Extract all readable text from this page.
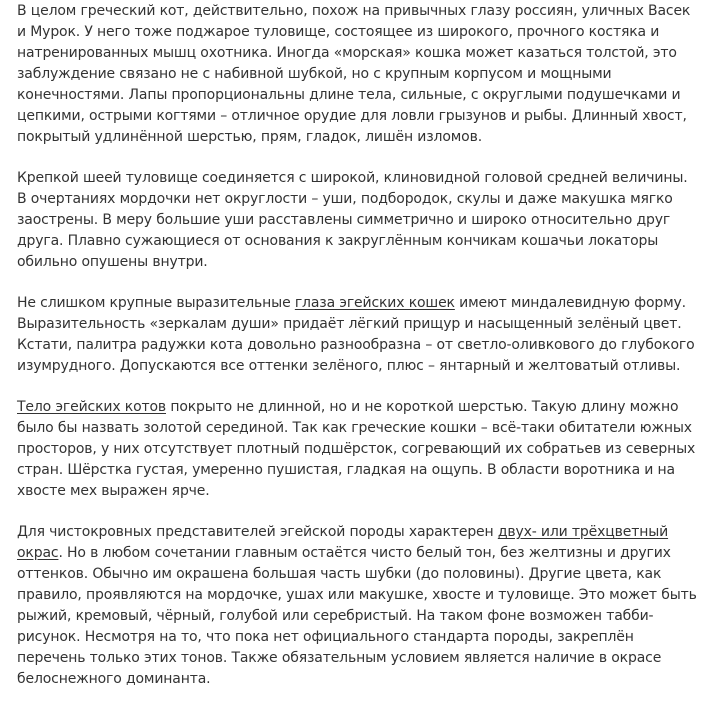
В целом греческий кот, действительно, похож на привычных глазу россиян, уличных Васек и Мурок. У него тоже поджарое туловище, состоящее из широкого, прочного костяка и натренированных мышц охотника. Иногда «морская» кошка может казаться толстой, это заблуждение связано не с набивной шубкой, но с крупным корпусом и мощными конечностями. Лапы пропорциональны длине тела, сильные, с округлыми подушечками и цепкими, острыми когтями – отличное орудие для ловли грызунов и рыбы. Длинный хвост, покрытый удлинённой шерстью, прям, гладок, лишён изломов.

Крепкой шеей туловище соединяется с широкой, клиновидной головой средней величины. В очертаниях мордочки нет округлости – уши, подбородок, скулы и даже макушка мягко заострены. В меру большие уши расставлены симметрично и широко относительно друг друга. Плавно сужающиеся от основания к закруглённым кончикам кошачьи локаторы обильно опушены внутри.

Не слишком крупные выразительные глаза эгейских кошек имеют миндалевидную форму. Выразительность «зеркалам души» придаёт лёгкий прищур и насыщенный зелёный цвет. Кстати, палитра радужки кота довольно разнообразна – от светло-оливкового до глубокого изумрудного. Допускаются все оттенки зелёного, плюс – янтарный и желтоватый отливы.

Тело эгейских котов покрыто не длинной, но и не короткой шерстью. Такую длину можно было бы назвать золотой серединой. Так как греческие кошки – всё-таки обитатели южных просторов, у них отсутствует плотный подшёрсток, согревающий их собратьев из северных стран. Шёрстка густая, умеренно пушистая, гладкая на ощупь. В области воротника и на хвосте мех выражен ярче.

Для чистокровных представителей эгейской породы характерен двух- или трёхцветный окрас. Но в любом сочетании главным остаётся чисто белый тон, без желтизны и других оттенков. Обычно им окрашена большая часть шубки (до половины). Другие цвета, как правило, проявляются на мордочке, ушах или макушке, хвосте и туловище. Это может быть рыжий, кремовый, чёрный, голубой или серебристый. На таком фоне возможен табби-рисунок. Несмотря на то, что пока нет официального стандарта породы, закреплён перечень только этих тонов. Также обязательным условием является наличие в окрасе белоснежного доминанта.
